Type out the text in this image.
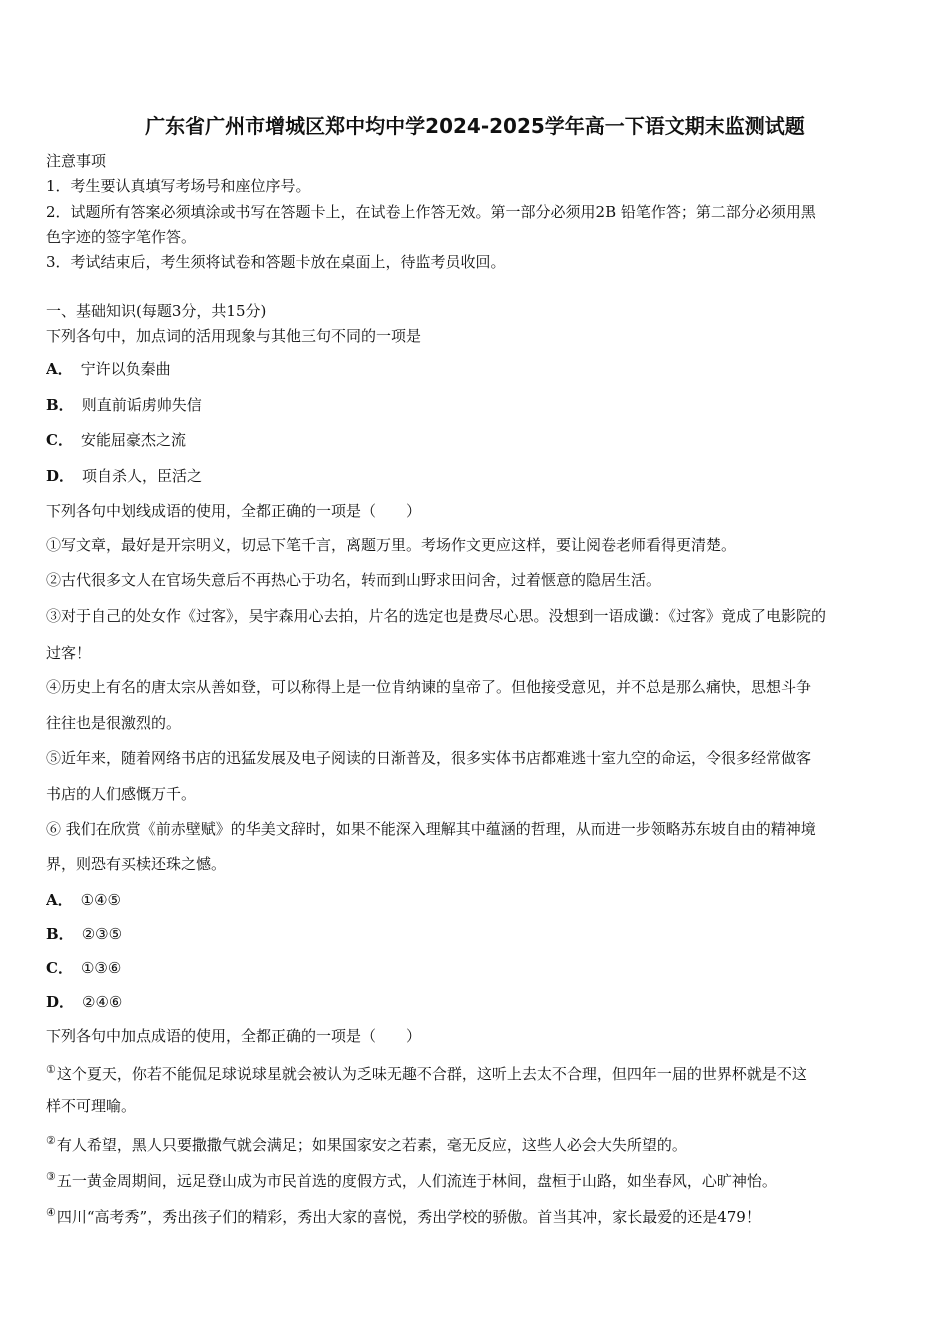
广东省广州市增城区郑中均中学2024-2025学年高一下语文期末监测试题
注意事项
1．考生要认真填写考场号和座位序号。
2．试题所有答案必须填涂或书写在答题卡上，在试卷上作答无效。第一部分必须用2B 铅笔作答；第二部分必须用黑
色字迹的签字笔作答。
3．考试结束后，考生须将试卷和答题卡放在桌面上，待监考员收回。
一、基础知识(每题3分，共15分)
下列各句中，加点词的活用现象与其他三句不同的一项是
A． 宁许以负秦曲
B． 则直前诟虏帅失信
C． 安能屈豪杰之流
D． 项自杀人，臣活之
下列各句中划线成语的使用，全都正确的一项是（　　）
①写文章，最好是开宗明义，切忌下笔千言，离题万里。考场作文更应这样，要让阅卷老师看得更清楚。
②古代很多文人在官场失意后不再热心于功名，转而到山野求田问舍，过着惬意的隐居生活。
③对于自己的处女作《过客》，吴宇森用心去拍，片名的选定也是费尽心思。没想到一语成谶：《过客》竟成了电影院的
过客！
④历史上有名的唐太宗从善如登，可以称得上是一位肯纳谏的皇帝了。但他接受意见，并不总是那么痛快，思想斗争
往往也是很激烈的。
⑤近年来，随着网络书店的迅猛发展及电子阅读的日渐普及，很多实体书店都难逃十室九空的命运，令很多经常做客
书店的人们感慨万千。
⑥ 我们在欣赏《前赤壁赋》的华美文辞时，如果不能深入理解其中蕴涵的哲理，从而进一步领略苏东坡自由的精神境
界，则恐有买椟还珠之憾。
A． ①④⑤
B． ②③⑤
C． ①③⑥
D． ②④⑥
下列各句中加点成语的使用，全都正确的一项是（　　）
①这个夏天，你若不能侃足球说球星就会被认为乏味无趣不合群，这听上去太不合理，但四年一届的世界杯就是不这
样不可理喻。
②有人希望，黑人只要撒撒气就会满足；如果国家安之若素，毫无反应，这些人必会大失所望的。
③五一黄金周期间，远足登山成为市民首选的度假方式，人们流连于林间，盘桓于山路，如坐春风，心旷神怡。
④四川“高考秀”，秀出孩子们的精彩，秀出大家的喜悦，秀出学校的骄傲。首当其冲，家长最爱的还是479！
